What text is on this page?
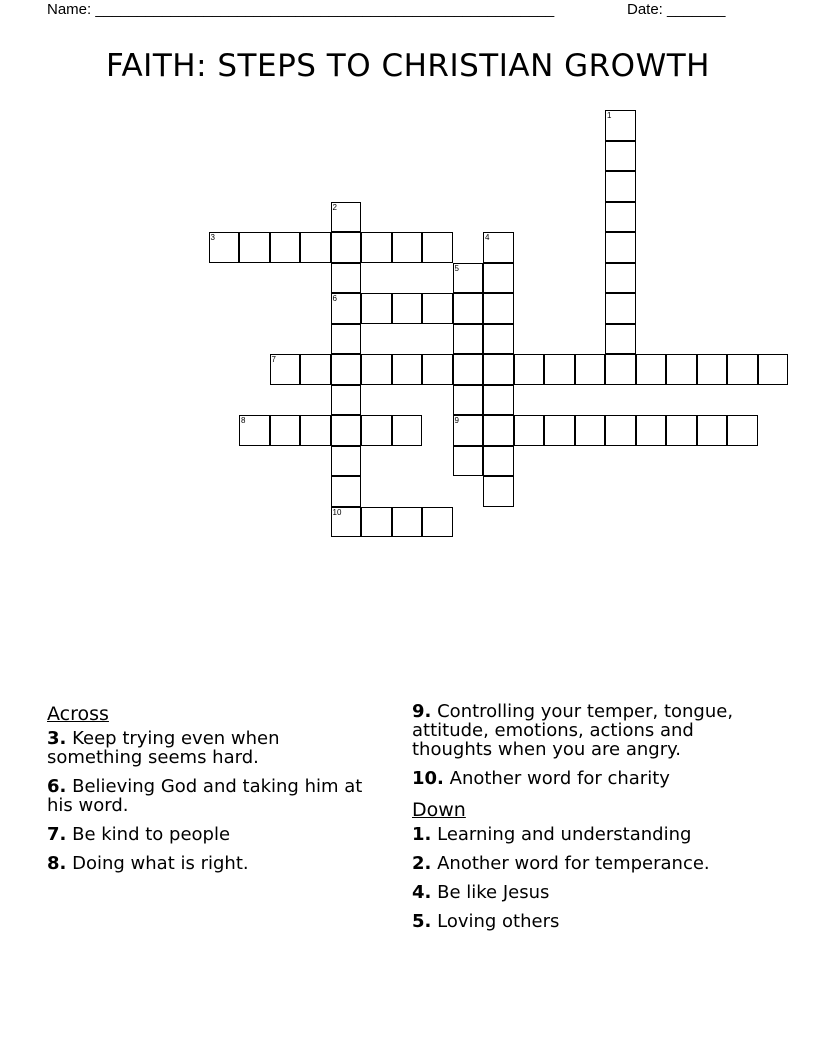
Name: _______________________________________________________	Date: _______
FAITH: STEPS TO CHRISTIAN GROWTH
1
2
6
10
3	4
5
9
7
8
Across
3. Keep trying even when something seems hard.
6. Believing God and taking him at his word.
7. Be kind to people
8. Doing what is right.
9. Controlling your temper, tongue, attitude, emotions, actions and thoughts when you are angry.
10. Another word for charity
Down
1. Learning and understanding
2. Another word for temperance.
4. Be like Jesus
5. Loving others
